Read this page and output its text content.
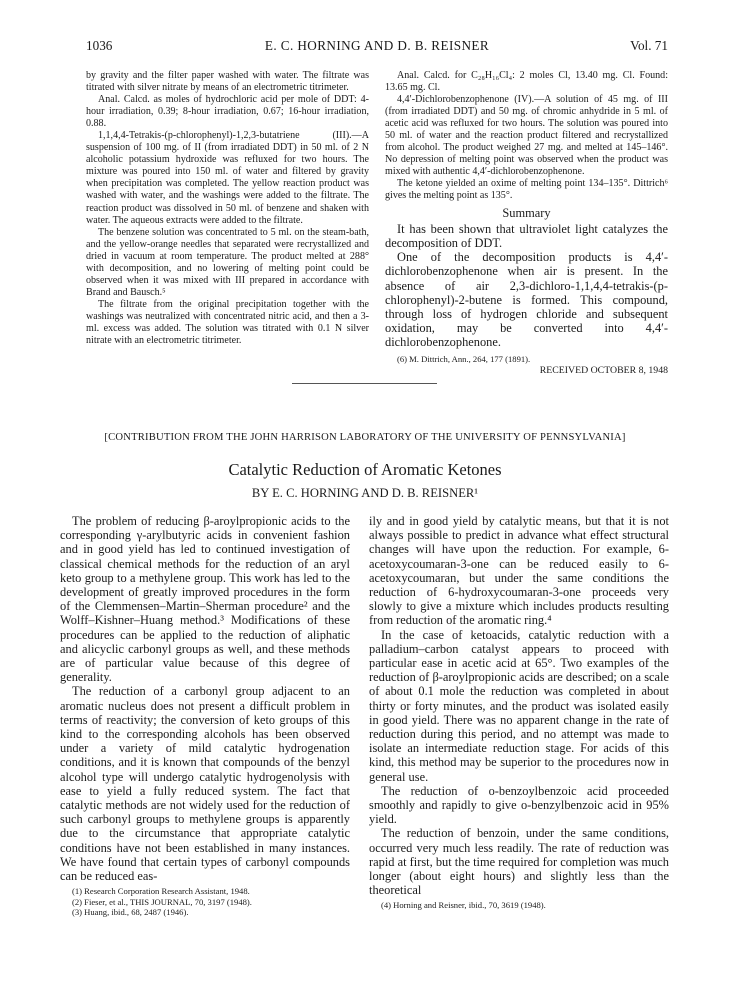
1036	E. C. HORNING AND D. B. REISNER	Vol. 71

by gravity and the filter paper washed with water. The filtrate was titrated with silver nitrate by means of an electrometric titrimeter.

Anal. Calcd. as moles of hydrochloric acid per mole of DDT: 4-hour irradiation, 0.39; 8-hour irradiation, 0.67; 16-hour irradiation, 0.88.

1,1,4,4-Tetrakis-(p-chlorophenyl)-1,2,3-butatriene (III).—A suspension of 100 mg. of II (from irradiated DDT) in 50 ml. of 2 N alcoholic potassium hydroxide was refluxed for two hours. The mixture was poured into 150 ml. of water and filtered by gravity when precipitation was completed. The yellow reaction product was washed with water, and the washings were added to the filtrate. The reaction product was dissolved in 50 ml. of benzene and shaken with water. The aqueous extracts were added to the filtrate.

The benzene solution was concentrated to 5 ml. on the steam-bath, and the yellow-orange needles that separated were recrystallized and dried in vacuum at room temperature. The product melted at 288° with decomposition, and no lowering of melting point could be observed when it was mixed with III prepared in accordance with Brand and Bausch.⁵

The filtrate from the original precipitation together with the washings was neutralized with concentrated nitric acid, and then a 3-ml. excess was added. The solution was titrated with 0.1 N silver nitrate with an electrometric titrimeter.

Anal. Calcd. for C₂₈H₁₆Cl₄: 2 moles Cl, 13.40 mg. Cl. Found: 13.65 mg. Cl.

4,4′-Dichlorobenzophenone (IV).—A solution of 45 mg. of III (from irradiated DDT) and 50 mg. of chromic anhydride in 5 ml. of acetic acid was refluxed for two hours. The solution was poured into 50 ml. of water and the reaction product filtered and recrystallized from alcohol. The product weighed 27 mg. and melted at 145–146°. No depression of melting point was observed when the product was mixed with authentic 4,4′-dichlorobenzophenone.

The ketone yielded an oxime of melting point 134–135°. Dittrich⁶ gives the melting point as 135°.

Summary

It has been shown that ultraviolet light catalyzes the decomposition of DDT.

One of the decomposition products is 4,4′-dichlorobenzophenone when air is present. In the absence of air 2,3-dichloro-1,1,4,4-tetrakis-(p-chlorophenyl)-2-butene is formed. This compound, through loss of hydrogen chloride and subsequent oxidation, may be converted into 4,4′-dichlorobenzophenone.

(6) M. Dittrich, Ann., 264, 177 (1891).

RECEIVED OCTOBER 8, 1948

[CONTRIBUTION FROM THE JOHN HARRISON LABORATORY OF THE UNIVERSITY OF PENNSYLVANIA]
Catalytic Reduction of Aromatic Ketones
BY E. C. HORNING AND D. B. REISNER¹

The problem of reducing β-aroylpropionic acids to the corresponding γ-arylbutyric acids in convenient fashion and in good yield has led to continued investigation of classical chemical methods for the reduction of an aryl keto group to a methylene group. This work has led to the development of greatly improved procedures in the form of the Clemmensen–Martin–Sherman procedure² and the Wolff–Kishner–Huang method.³ Modifications of these procedures can be applied to the reduction of aliphatic and alicyclic carbonyl groups as well, and these methods are of particular value because of this degree of generality.

The reduction of a carbonyl group adjacent to an aromatic nucleus does not present a difficult problem in terms of reactivity; the conversion of keto groups of this kind to the corresponding alcohols has been observed under a variety of mild catalytic hydrogenation conditions, and it is known that compounds of the benzyl alcohol type will undergo catalytic hydrogenolysis with ease to yield a fully reduced system. The fact that catalytic methods are not widely used for the reduction of such carbonyl groups to methylene groups is apparently due to the circumstance that appropriate catalytic conditions have not been established in many instances. We have found that certain types of carbonyl compounds can be reduced eas-

(1) Research Corporation Research Assistant, 1948.

(2) Fieser, et al., THIS JOURNAL, 70, 3197 (1948).

(3) Huang, ibid., 68, 2487 (1946).

ily and in good yield by catalytic means, but that it is not always possible to predict in advance what effect structural changes will have upon the reduction. For example, 6-acetoxycoumaran-3-one can be reduced easily to 6-acetoxycoumaran, but under the same conditions the reduction of 6-hydroxycoumaran-3-one proceeds very slowly to give a mixture which includes products resulting from reduction of the aromatic ring.⁴

In the case of ketoacids, catalytic reduction with a palladium–carbon catalyst appears to proceed with particular ease in acetic acid at 65°. Two examples of the reduction of β-aroylpropionic acids are described; on a scale of about 0.1 mole the reduction was completed in about thirty or forty minutes, and the product was isolated easily in good yield. There was no apparent change in the rate of reduction during this period, and no attempt was made to isolate an intermediate reduction stage. For acids of this kind, this method may be superior to the procedures now in general use.

The reduction of o-benzoylbenzoic acid proceeded smoothly and rapidly to give o-benzylbenzoic acid in 95% yield.

The reduction of benzoin, under the same conditions, occurred very much less readily. The rate of reduction was rapid at first, but the time required for completion was much longer (about eight hours) and slightly less than the theoretical

(4) Horning and Reisner, ibid., 70, 3619 (1948).
